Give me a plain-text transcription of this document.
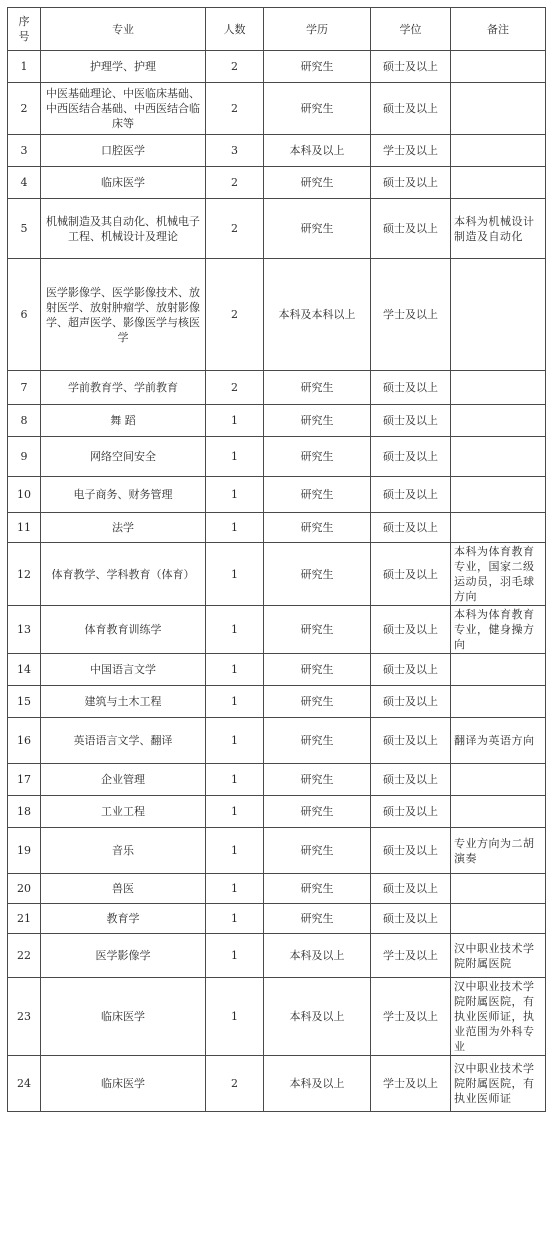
序号	专业	人数	学历	学位	备注
1	护理学、护理	2	研究生	硕士及以上	
2	中医基础理论、中医临床基础、中西医结合基础、中西医结合临床等	2	研究生	硕士及以上	
3	口腔医学	3	本科及以上	学士及以上	
4	临床医学	2	研究生	硕士及以上	
5	机械制造及其自动化、机械电子工程、机械设计及理论	2	研究生	硕士及以上	本科为机械设计制造及自动化
6	医学影像学、医学影像技术、放射医学、放射肿瘤学、放射影像学、超声医学、影像医学与核医学	2	本科及本科以上	学士及以上	
7	学前教育学、学前教育	2	研究生	硕士及以上	
8	舞 蹈	1	研究生	硕士及以上	
9	网络空间安全	1	研究生	硕士及以上	
10	电子商务、财务管理	1	研究生	硕士及以上	
11	法学	1	研究生	硕士及以上	
12	体育教学、学科教育（体育）	1	研究生	硕士及以上	本科为体育教育专业，国家二级运动员，羽毛球方向
13	体育教育训练学	1	研究生	硕士及以上	本科为体育教育专业，健身操方向
14	中国语言文学	1	研究生	硕士及以上	
15	建筑与土木工程	1	研究生	硕士及以上	
16	英语语言文学、翻译	1	研究生	硕士及以上	翻译为英语方向
17	企业管理	1	研究生	硕士及以上	
18	工业工程	1	研究生	硕士及以上	
19	音乐	1	研究生	硕士及以上	专业方向为二胡演奏
20	兽医	1	研究生	硕士及以上	
21	教育学	1	研究生	硕士及以上	
22	医学影像学	1	本科及以上	学士及以上	汉中职业技术学院附属医院
23	临床医学	1	本科及以上	学士及以上	汉中职业技术学院附属医院，有执业医师证，执业范围为外科专业
24	临床医学	2	本科及以上	学士及以上	汉中职业技术学院附属医院，有执业医师证
